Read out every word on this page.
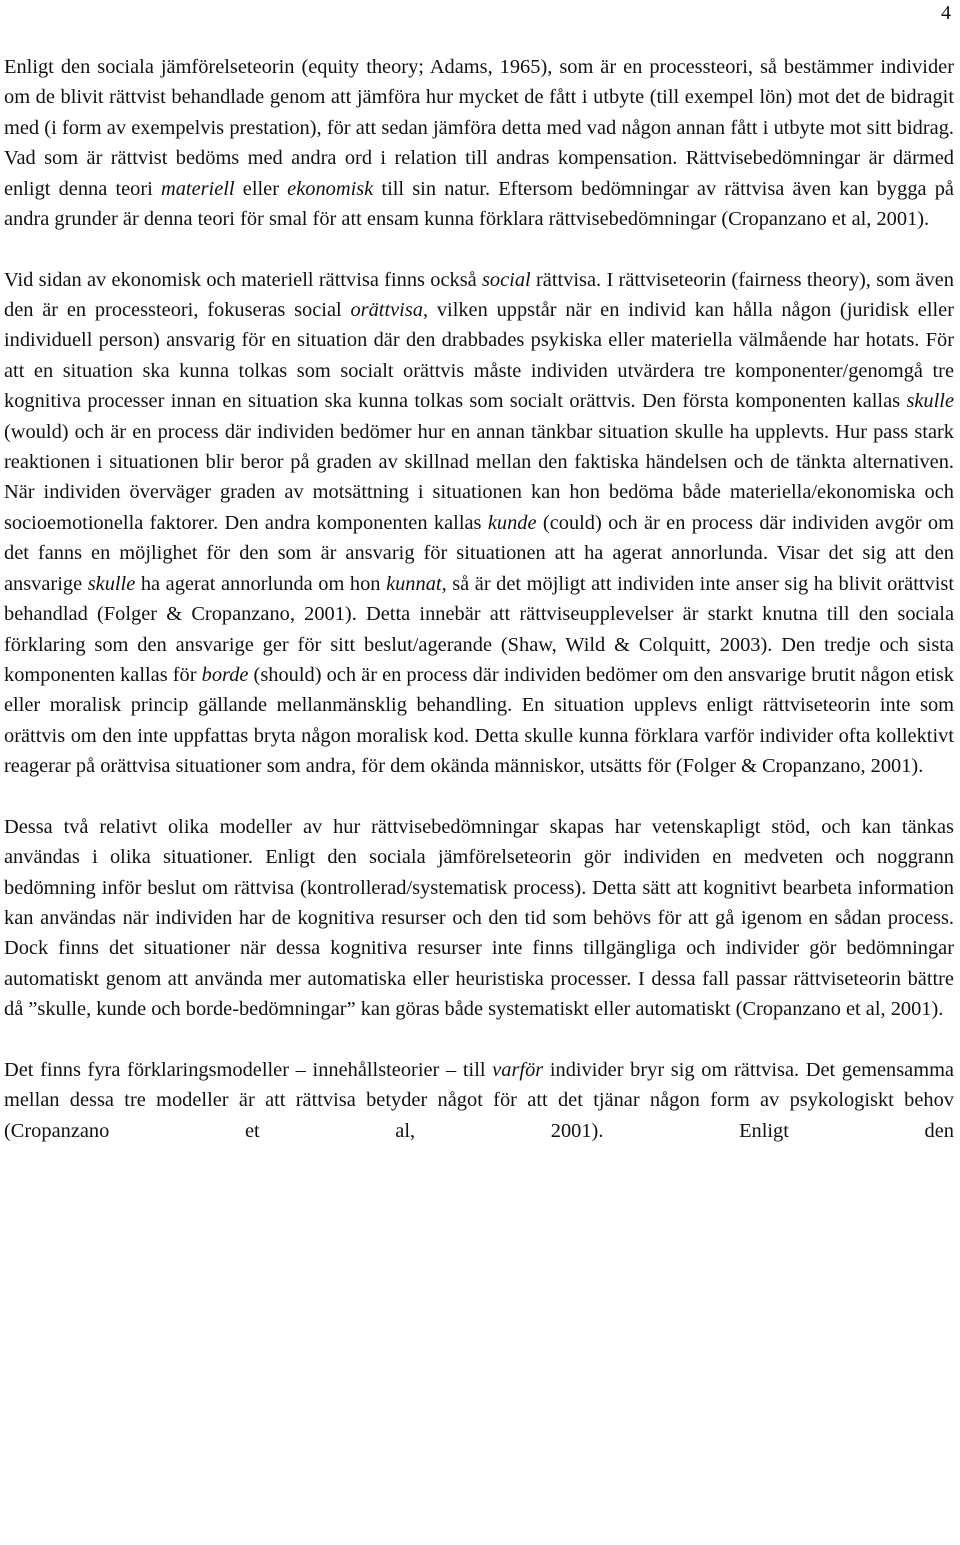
4

Enligt den sociala jämförelseteorin (equity theory; Adams, 1965), som är en processteori, så bestämmer individer om de blivit rättvist behandlade genom att jämföra hur mycket de fått i utbyte (till exempel lön) mot det de bidragit med (i form av exempelvis prestation), för att sedan jämföra detta med vad någon annan fått i utbyte mot sitt bidrag. Vad som är rättvist bedöms med andra ord i relation till andras kompensation. Rättvisebedömningar är därmed enligt denna teori materiell eller ekonomisk till sin natur. Eftersom bedömningar av rättvisa även kan bygga på andra grunder är denna teori för smal för att ensam kunna förklara rättvisebedömningar (Cropanzano et al, 2001).

Vid sidan av ekonomisk och materiell rättvisa finns också social rättvisa. I rättviseteorin (fairness theory), som även den är en processteori, fokuseras social orättvisa, vilken uppstår när en individ kan hålla någon (juridisk eller individuell person) ansvarig för en situation där den drabbades psykiska eller materiella välmående har hotats. För att en situation ska kunna tolkas som socialt orättvis måste individen utvärdera tre komponenter/genomgå tre kognitiva processer innan en situation ska kunna tolkas som socialt orättvis. Den första komponenten kallas skulle (would) och är en process där individen bedömer hur en annan tänkbar situation skulle ha upplevts. Hur pass stark reaktionen i situationen blir beror på graden av skillnad mellan den faktiska händelsen och de tänkta alternativen. När individen överväger graden av motsättning i situationen kan hon bedöma både materiella/ekonomiska och socioemotionella faktorer. Den andra komponenten kallas kunde (could) och är en process där individen avgör om det fanns en möjlighet för den som är ansvarig för situationen att ha agerat annorlunda. Visar det sig att den ansvarige skulle ha agerat annorlunda om hon kunnat, så är det möjligt att individen inte anser sig ha blivit orättvist behandlad (Folger & Cropanzano, 2001). Detta innebär att rättviseupplevelser är starkt knutna till den sociala förklaring som den ansvarige ger för sitt beslut/agerande (Shaw, Wild & Colquitt, 2003). Den tredje och sista komponenten kallas för borde (should) och är en process där individen bedömer om den ansvarige brutit någon etisk eller moralisk princip gällande mellanmänsklig behandling. En situation upplevs enligt rättviseteorin inte som orättvis om den inte uppfattas bryta någon moralisk kod. Detta skulle kunna förklara varför individer ofta kollektivt reagerar på orättvisa situationer som andra, för dem okända människor, utsätts för (Folger & Cropanzano, 2001).

Dessa två relativt olika modeller av hur rättvisebedömningar skapas har vetenskapligt stöd, och kan tänkas användas i olika situationer. Enligt den sociala jämförelseteorin gör individen en medveten och noggrann bedömning inför beslut om rättvisa (kontrollerad/systematisk process). Detta sätt att kognitivt bearbeta information kan användas när individen har de kognitiva resurser och den tid som behövs för att gå igenom en sådan process. Dock finns det situationer när dessa kognitiva resurser inte finns tillgängliga och individer gör bedömningar automatiskt genom att använda mer automatiska eller heuristiska processer. I dessa fall passar rättviseteorin bättre då ”skulle, kunde och borde-bedömningar” kan göras både systematiskt eller automatiskt (Cropanzano et al, 2001).

Det finns fyra förklaringsmodeller – innehållsteorier – till varför individer bryr sig om rättvisa. Det gemensamma mellan dessa tre modeller är att rättvisa betyder något för att det tjänar någon form av psykologiskt behov (Cropanzano et al, 2001). Enligt den
